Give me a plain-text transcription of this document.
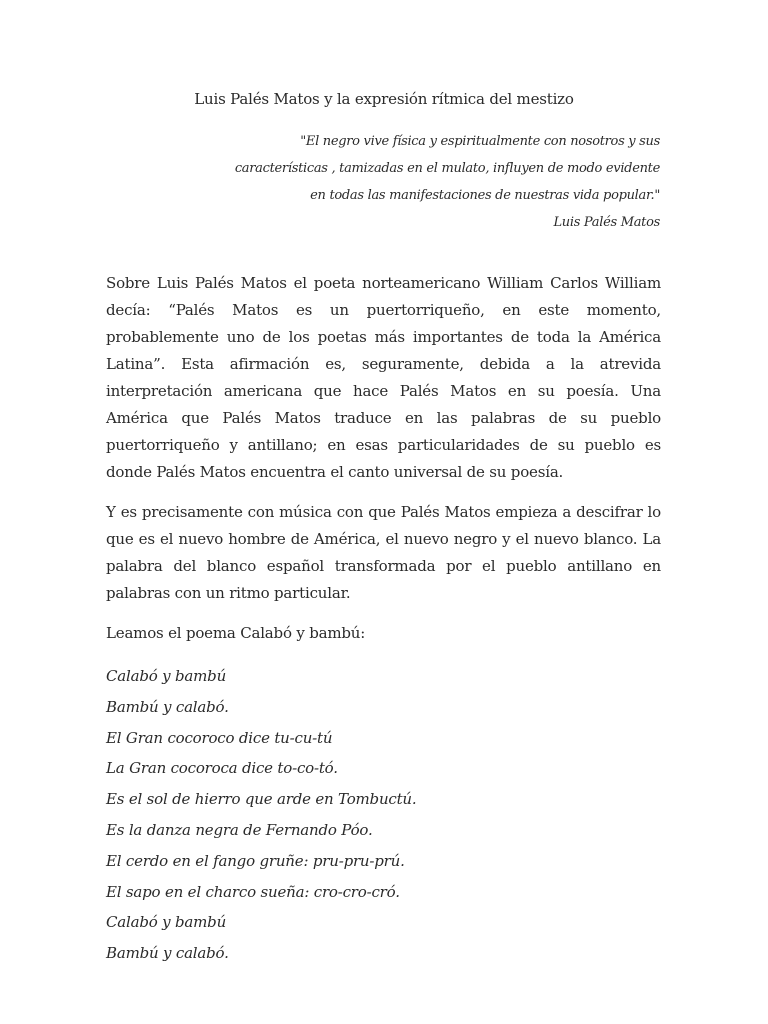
Luis Palés Matos y la expresión rítmica del mestizo
"El negro vive física y espiritualmente con nosotros y sus
características , tamizadas en el mulato, influyen de modo evidente
en todas las manifestaciones de nuestras vida popular."
Luis Palés Matos

Sobre Luis Palés Matos el poeta norteamericano William Carlos William decía: “Palés Matos es un puertorriqueño, en este momento, probablemente uno de los poetas más importantes de toda la América Latina”. Esta afirmación es, seguramente, debida a la atrevida interpretación americana que hace Palés Matos en su poesía. Una América que Palés Matos traduce en las palabras de su pueblo puertorriqueño y antillano; en esas particularidades de su pueblo es donde Palés Matos encuentra el canto universal de su poesía.

Y es precisamente con música con que Palés Matos empieza a descifrar lo que es el nuevo hombre de América, el nuevo negro y el nuevo blanco. La palabra del blanco español transformada por el pueblo antillano en palabras con un ritmo particular.

Leamos el poema Calabó y bambú:

Calabó y bambú
Bambú y calabó.
El Gran cocoroco dice tu-cu-tú
La Gran cocoroca dice to-co-tó.
Es el sol de hierro que arde en Tombuctú.
Es la danza negra de Fernando Póo.
El cerdo en el fango gruñe: pru-pru-prú.
El sapo en el charco sueña: cro-cro-cró.
Calabó y bambú
Bambú y calabó.
